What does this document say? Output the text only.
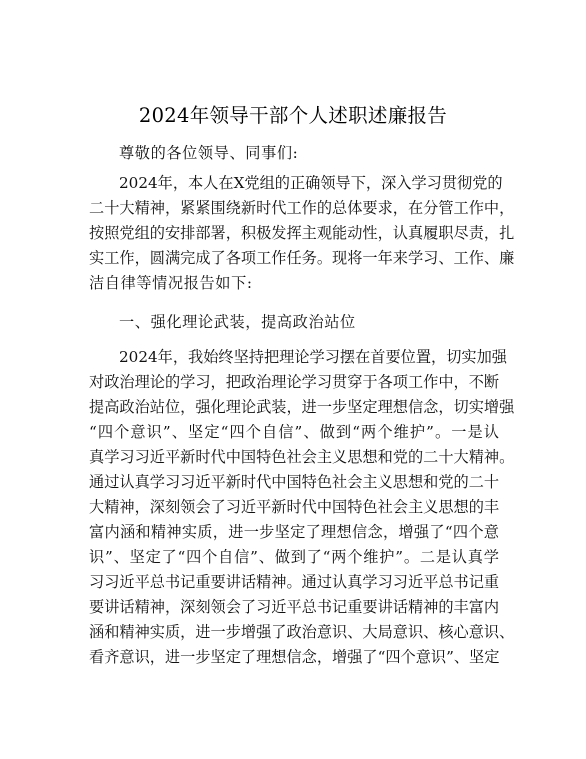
2024年领导干部个人述职述廉报告
尊敬的各位领导、同事们:
2024年，本人在X党组的正确领导下，深入学习贯彻党的
二十大精神，紧紧围绕新时代工作的总体要求，在分管工作中，
按照党组的安排部署，积极发挥主观能动性，认真履职尽责，扎
实工作，圆满完成了各项工作任务。现将一年来学习、工作、廉
洁自律等情况报告如下:
一、强化理论武装，提高政治站位
2024年，我始终坚持把理论学习摆在首要位置，切实加强
对政治理论的学习，把政治理论学习贯穿于各项工作中，不断
提高政治站位，强化理论武装，进一步坚定理想信念，切实增强
“四个意识”、坚定“四个自信”、做到“两个维护”。一是认
真学习习近平新时代中国特色社会主义思想和党的二十大精神。
通过认真学习习近平新时代中国特色社会主义思想和党的二十
大精神，深刻领会了习近平新时代中国特色社会主义思想的丰
富内涵和精神实质，进一步坚定了理想信念，增强了“四个意
识”、坚定了“四个自信”、做到了“两个维护”。二是认真学
习习近平总书记重要讲话精神。通过认真学习习近平总书记重
要讲话精神，深刻领会了习近平总书记重要讲话精神的丰富内
涵和精神实质，进一步增强了政治意识、大局意识、核心意识、
看齐意识，进一步坚定了理想信念，增强了“四个意识”、坚定
